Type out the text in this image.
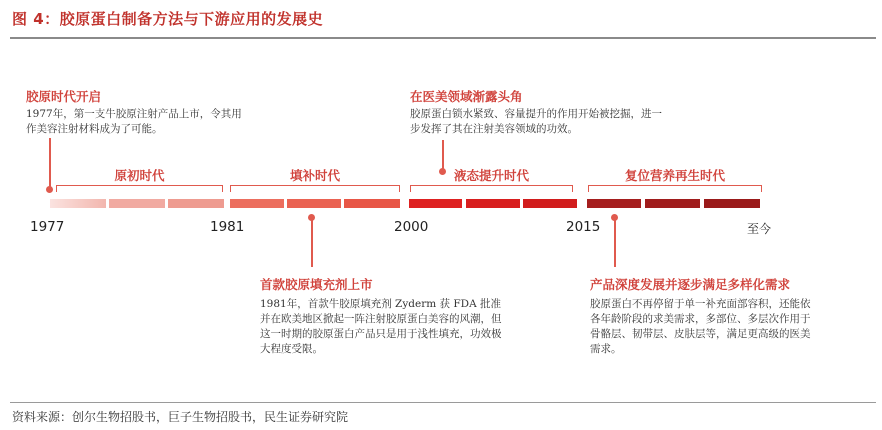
图 4：胶原蛋白制备方法与下游应用的发展史
胶原时代开启
1977年，第一支牛胶原注射产品上市，令其用作美容注射材料成为了可能。
在医美领域渐露头角
胶原蛋白锁水紧致、容量提升的作用开始被挖掘，进一步发挥了其在注射美容领域的功效。
原初时代	填补时代	液态提升时代	复位营养再生时代
1977	1981	2000	2015	至今
首款胶原填充剂上市
1981年，首款牛胶原填充剂 Zyderm 获 FDA 批准并在欧美地区掀起一阵注射胶原蛋白美容的风潮，但这一时期的胶原蛋白产品只是用于浅性填充，功效极大程度受限。
产品深度发展并逐步满足多样化需求
胶原蛋白不再停留于单一补充面部容积，还能依各年龄阶段的求美需求，多部位、多层次作用于骨骼层、韧带层、皮肤层等，满足更高级的医美需求。
资料来源：创尔生物招股书，巨子生物招股书，民生证券研究院
